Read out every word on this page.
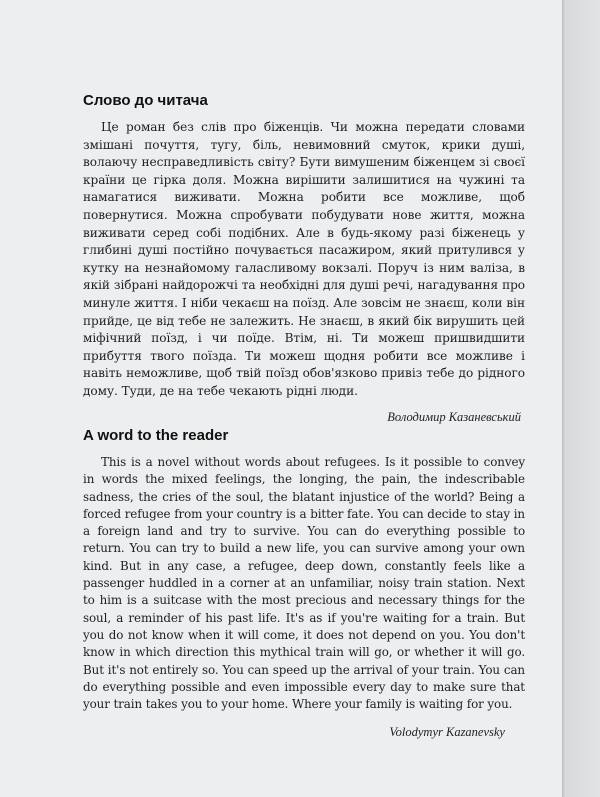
Слово до читача

Це роман без слів про біженців. Чи можна передати словами змішані почуття, тугу, біль, невимовний смуток, крики душі, волаючу несправедливість світу? Бути вимушеним біженцем зі своєї країни це гірка доля. Можна вирішити залишитися на чужині та намагатися виживати. Можна робити все можливе, щоб повернутися. Можна спробувати побудувати нове життя, можна виживати серед собі подібних. Але в будь-якому разі біженець у глибині душі постійно почувається пасажиром, який притулився у кутку на незнайомому галасливому вокзалі. Поруч із ним валіза, в якій зібрані найдорожчі та необхідні для душі речі, нагадування про минуле життя. І ніби чекаєш на поїзд. Але зовсім не знаєш, коли він прийде, це від тебе не залежить. Не знаєш, в який бік вирушить цей міфічний поїзд, і чи поїде. Втім, ні. Ти можеш пришвидшити прибуття твого поїзда. Ти можеш щодня робити все можливе і навіть неможливе, щоб твій поїзд обов'язково привіз тебе до рідного дому. Туди, де на тебе чекають рідні люди.

Володимир Казаневський
A word to the reader

This is a novel without words about refugees. Is it possible to convey in words the mixed feelings, the longing, the pain, the indescribable sadness, the cries of the soul, the blatant injustice of the world? Being a forced refugee from your country is a bitter fate. You can decide to stay in a foreign land and try to survive. You can do everything possible to return. You can try to build a new life, you can survive among your own kind. But in any case, a refugee, deep down, constantly feels like a passenger huddled in a corner at an unfamiliar, noisy train station. Next to him is a suitcase with the most precious and necessary things for the soul, a reminder of his past life. It's as if you're waiting for a train. But you do not know when it will come, it does not depend on you. You don't know in which direction this mythical train will go, or whether it will go. But it's not entirely so. You can speed up the arrival of your train. You can do everything possible and even impossible every day to make sure that your train takes you to your home. Where your family is waiting for you.

Volodymyr Kazanevsky
